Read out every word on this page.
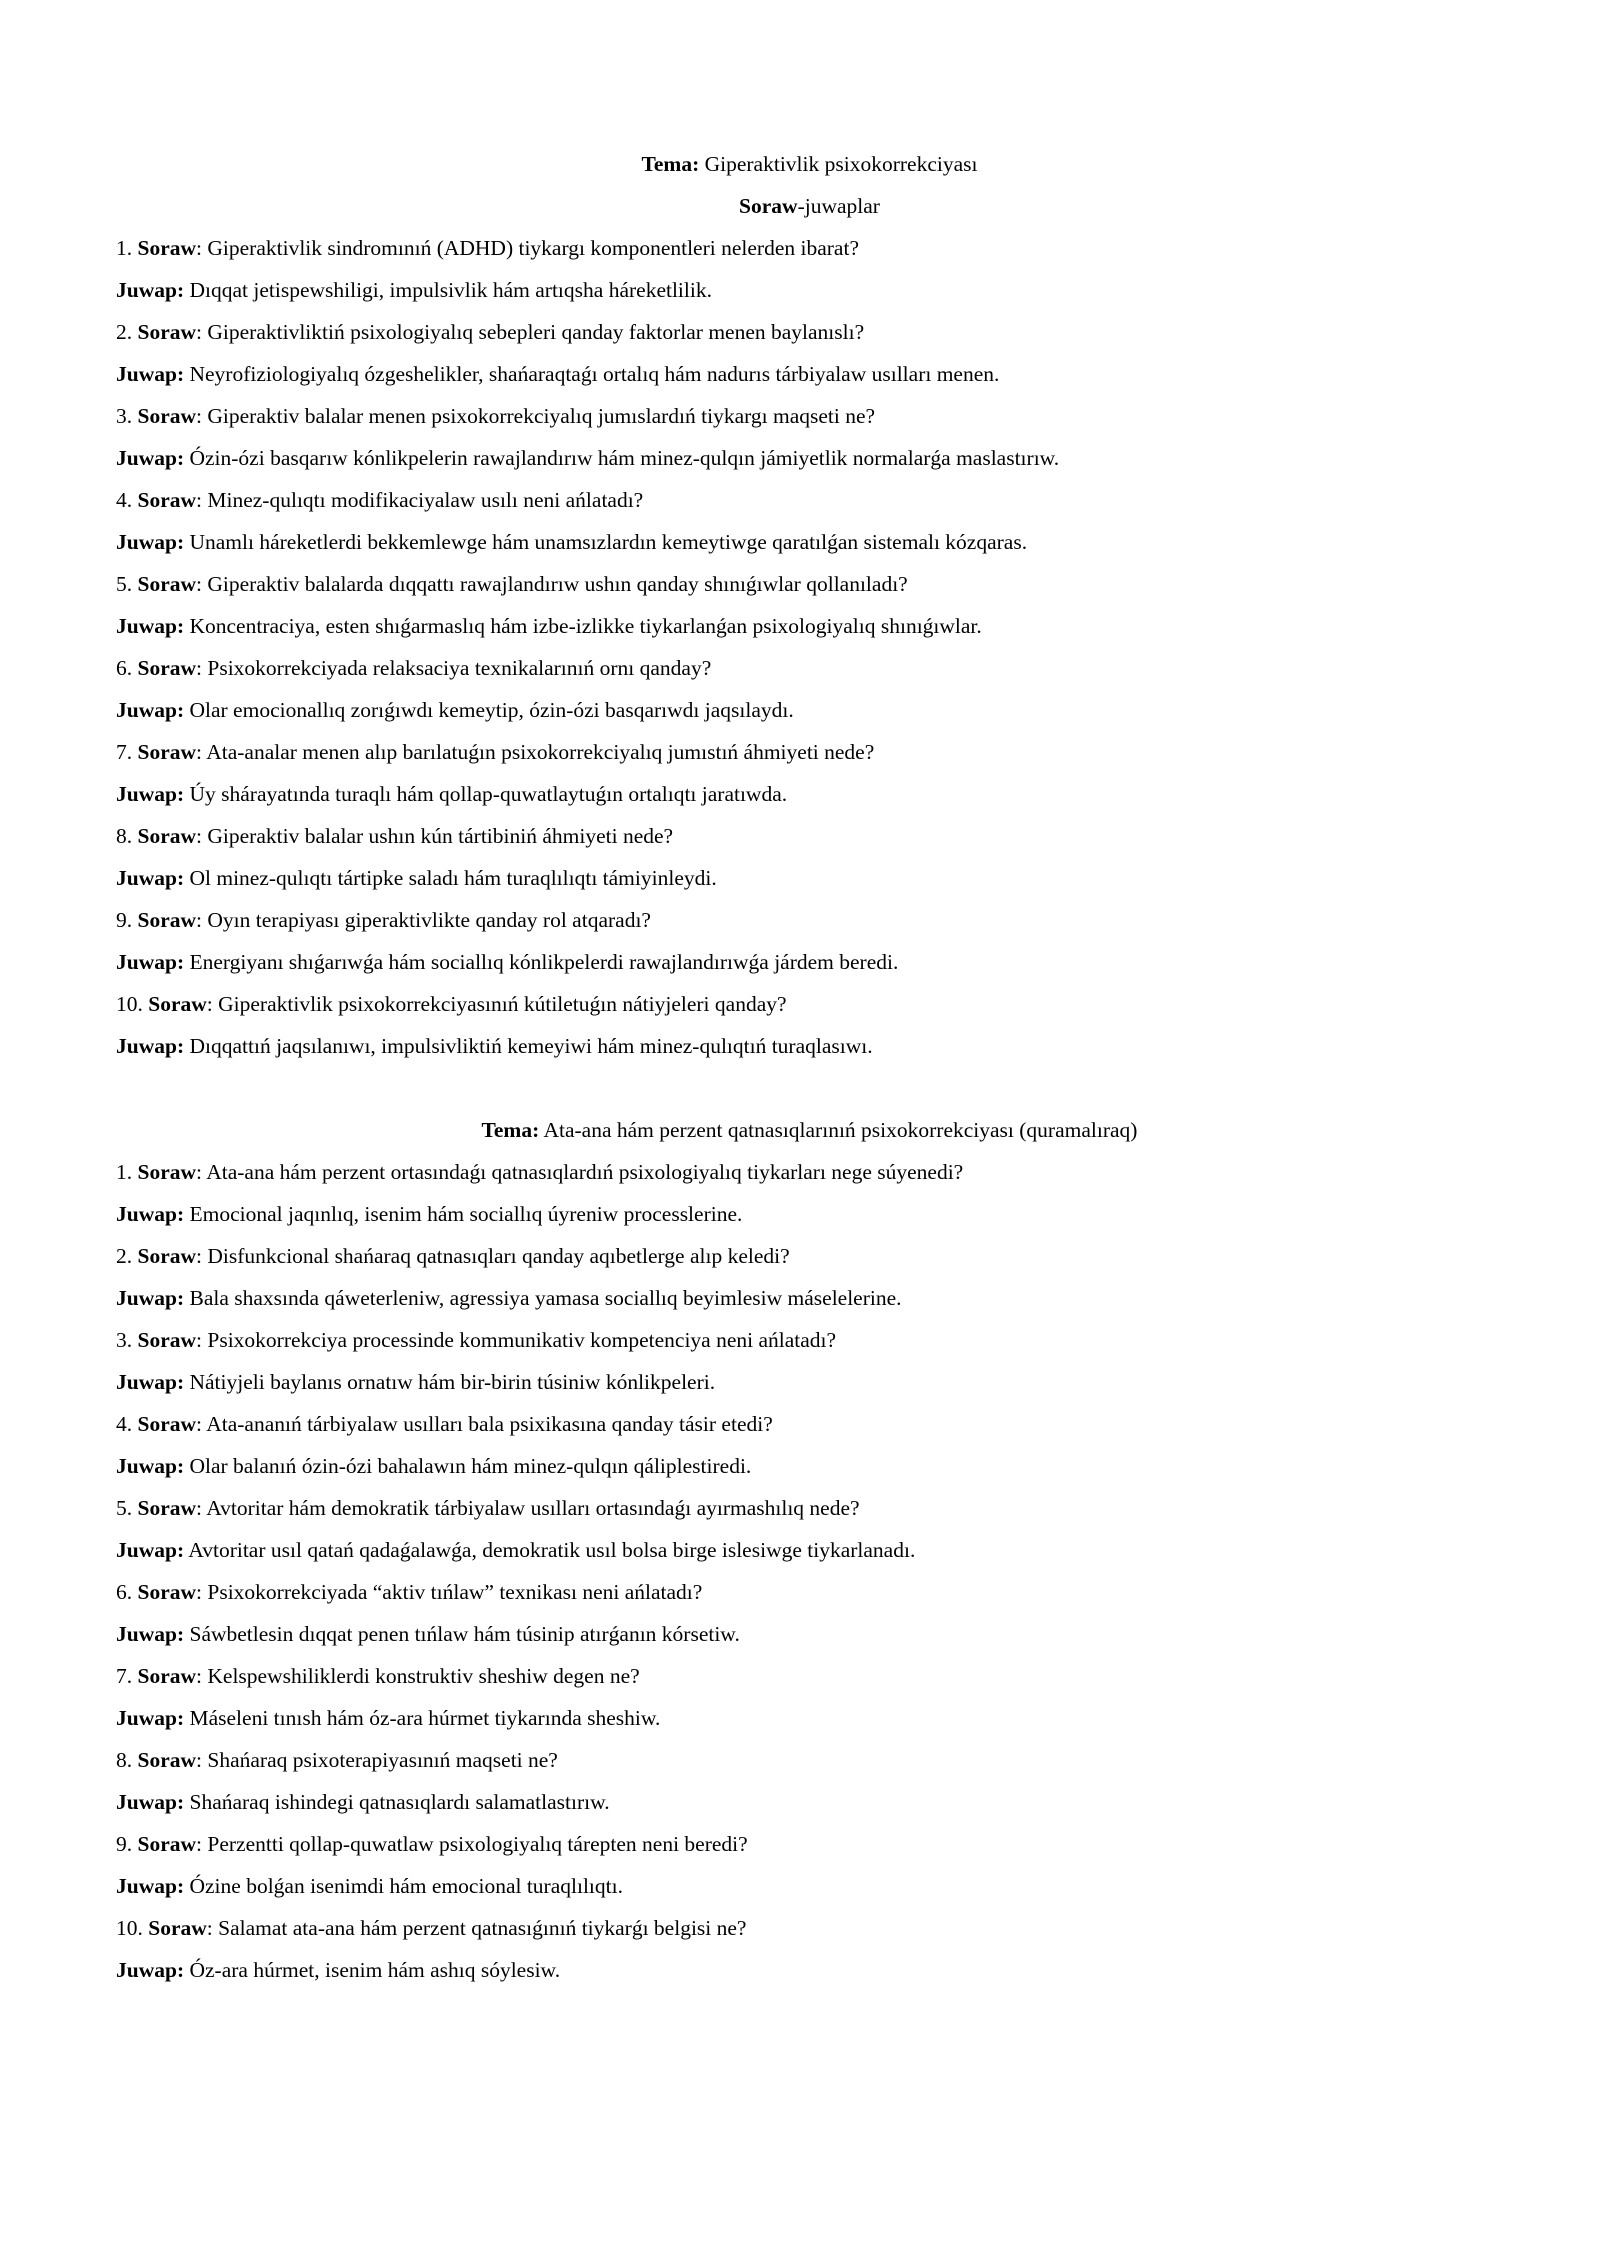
Tema: Giperaktivlik psixokorrekciyası
Soraw-juwaplar
1. Soraw: Giperaktivlik sindromınıń (ADHD) tiykargı komponentleri nelerden ibarat?
Juwap: Dıqqat jetispewshiligi, impulsivlik hám artıqsha háreketlilik.
2. Soraw: Giperaktivliktiń psixologiyalıq sebepleri qanday faktorlar menen baylanıslı?
Juwap: Neyrofiziologiyalıq ózgeshelikler, shańaraqtaǵı ortalıq hám nadurıs tárbiyalaw usılları menen.
3. Soraw: Giperaktiv balalar menen psixokorrekciyalıq jumıslardıń tiykargı maqseti ne?
Juwap: Ózin-ózi basqarıw kónlikpelerin rawajlandırıw hám minez-qulqın jámiyetlik normalarǵa maslastırıw.
4. Soraw: Minez-qulıqtı modifikaciyalaw usılı neni ańlatadı?
Juwap: Unamlı háreketlerdi bekkemlewge hám unamsızlardın kemeytiwge qaratılǵan sistemalı kózqaras.
5. Soraw: Giperaktiv balalarda dıqqattı rawajlandırıw ushın qanday shınıǵıwlar qollanıladı?
Juwap: Koncentraciya, esten shıǵarmaslıq hám izbe-izlikke tiykarlanǵan psixologiyalıq shınıǵıwlar.
6. Soraw: Psixokorrekciyada relaksaciya texnikalarınıń ornı qanday?
Juwap: Olar emocionallıq zorıǵıwdı kemeytip, ózin-ózi basqarıwdı jaqsılaydı.
7. Soraw: Ata-analar menen alıp barılatuǵın psixokorrekciyalıq jumıstıń áhmiyeti nede?
Juwap: Úy shárayatında turaqlı hám qollap-quwatlaytuǵın ortalıqtı jaratıwda.
8. Soraw: Giperaktiv balalar ushın kún tártibiniń áhmiyeti nede?
Juwap: Ol minez-qulıqtı tártipke saladı hám turaqlılıqtı támiyinleydi.
9. Soraw: Oyın terapiyası giperaktivlikte qanday rol atqaradı?
Juwap: Energiyanı shıǵarıwǵa hám sociallıq kónlikpelerdi rawajlandırıwǵa járdem beredi.
10. Soraw: Giperaktivlik psixokorrekciyasınıń kútiletuǵın nátiyjeleri qanday?
Juwap: Dıqqattıń jaqsılanıwı, impulsivliktiń kemeyiwi hám minez-qulıqtıń turaqlasıwı.
Tema: Ata-ana hám perzent qatnasıqlarınıń psixokorrekciyası (quramalıraq)
1. Soraw: Ata-ana hám perzent ortasındaǵı qatnasıqlardıń psixologiyalıq tiykarları nege súyenedi?
Juwap: Emocional jaqınlıq, isenim hám sociallıq úyreniw processlerine.
2. Soraw: Disfunkcional shańaraq qatnasıqları qanday aqıbetlerge alıp keledi?
Juwap: Bala shaxsında qáweterleniw, agressiya yamasa sociallıq beyimlesiw máselelerine.
3. Soraw: Psixokorrekciya processinde kommunikativ kompetenciya neni ańlatadı?
Juwap: Nátiyjeli baylanıs ornatıw hám bir-birin túsiniw kónlikpeleri.
4. Soraw: Ata-ananıń tárbiyalaw usılları bala psixikasına qanday tásir etedi?
Juwap: Olar balanıń ózin-ózi bahalawın hám minez-qulqın qáliplestiredi.
5. Soraw: Avtoritar hám demokratik tárbiyalaw usılları ortasındaǵı ayırmashılıq nede?
Juwap: Avtoritar usıl qatań qadaǵalawǵa, demokratik usıl bolsa birge islesiwge tiykarlanadı.
6. Soraw: Psixokorrekciyada “aktiv tıńlaw” texnikası neni ańlatadı?
Juwap: Sáwbetlesin dıqqat penen tıńlaw hám túsinip atırǵanın kórsetiw.
7. Soraw: Kelspewshiliklerdi konstruktiv sheshiw degen ne?
Juwap: Máseleni tınısh hám óz-ara húrmet tiykarında sheshiw.
8. Soraw: Shańaraq psixoterapiyasınıń maqseti ne?
Juwap: Shańaraq ishindegi qatnasıqlardı salamatlastırıw.
9. Soraw: Perzentti qollap-quwatlaw psixologiyalıq tárepten neni beredi?
Juwap: Ózine bolǵan isenimdi hám emocional turaqlılıqtı.
10. Soraw: Salamat ata-ana hám perzent qatnasıǵınıń tiykarǵı belgisi ne?
Juwap: Óz-ara húrmet, isenim hám ashıq sóylesiw.
